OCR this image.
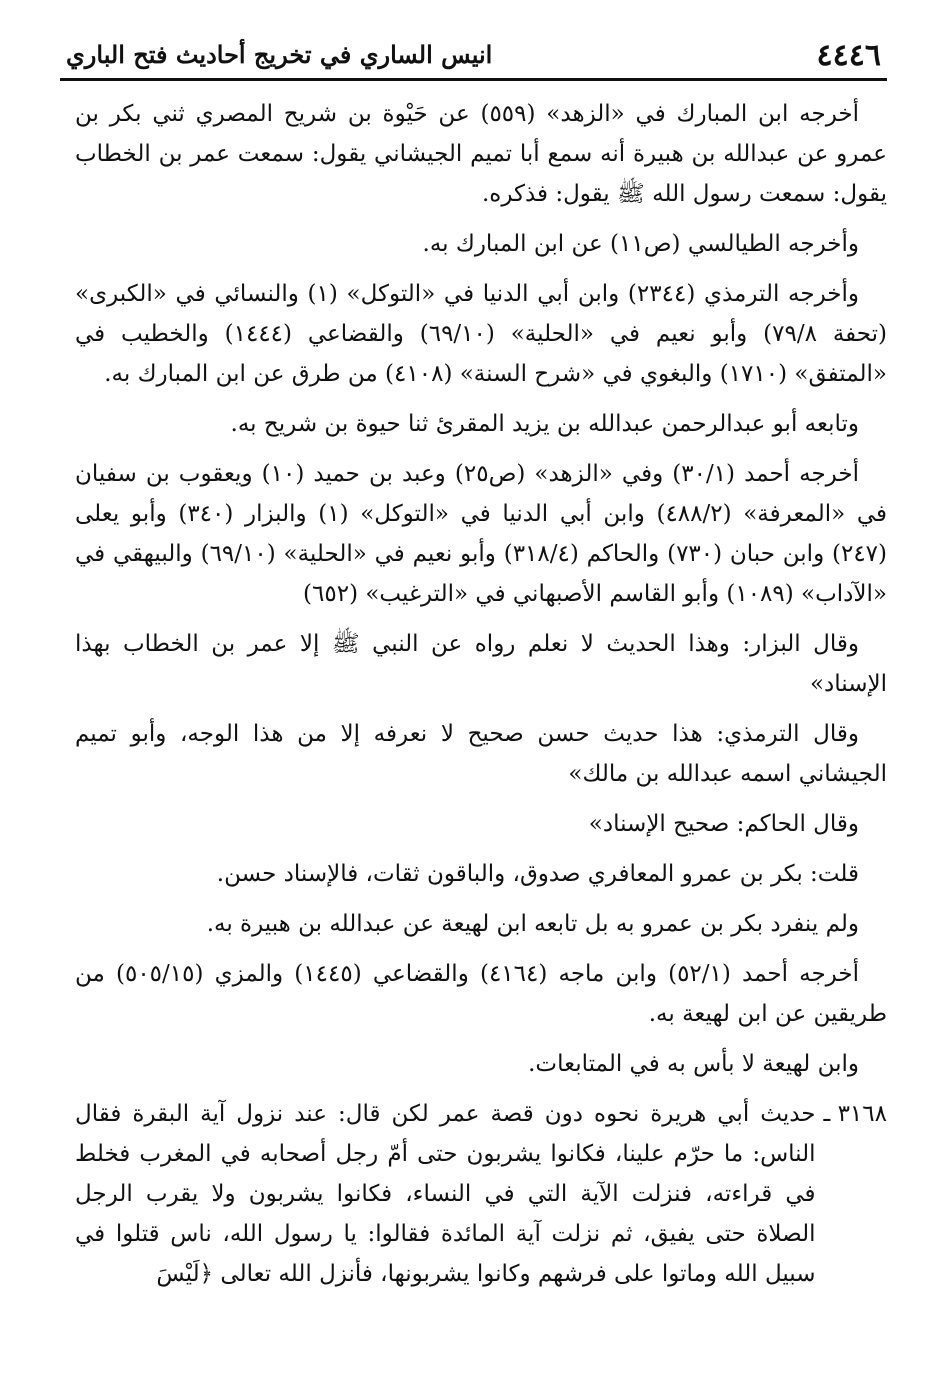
٤٤٤٦
انيس الساري في تخريج أحاديث فتح الباري

أخرجه ابن المبارك في «الزهد» (٥٥٩) عن حَيْوة بن شريح المصري ثني بكر بن عمرو عن عبدالله بن هبيرة أنه سمع أبا تميم الجيشاني يقول: سمعت عمر بن الخطاب يقول: سمعت رسول الله ﷺ يقول: فذكره.

وأخرجه الطيالسي (ص١١) عن ابن المبارك به.

وأخرجه الترمذي (٢٣٤٤) وابن أبي الدنيا في «التوكل» (١) والنسائي في «الكبرى» (تحفة ٧٩/٨) وأبو نعيم في «الحلية» (٦٩/١٠) والقضاعي (١٤٤٤) والخطيب في «المتفق» (١٧١٠) والبغوي في «شرح السنة» (٤١٠٨) من طرق عن ابن المبارك به.

وتابعه أبو عبدالرحمن عبدالله بن يزيد المقرئ ثنا حيوة بن شريح به.

أخرجه أحمد (٣٠/١) وفي «الزهد» (ص٢٥) وعبد بن حميد (١٠) ويعقوب بن سفيان في «المعرفة» (٤٨٨/٢) وابن أبي الدنيا في «التوكل» (١) والبزار (٣٤٠) وأبو يعلى (٢٤٧) وابن حبان (٧٣٠) والحاكم (٣١٨/٤) وأبو نعيم في «الحلية» (٦٩/١٠) والبيهقي في «الآداب» (١٠٨٩) وأبو القاسم الأصبهاني في «الترغيب» (٦٥٢)

وقال البزار: وهذا الحديث لا نعلم رواه عن النبي ﷺ إلا عمر بن الخطاب بهذا الإسناد»

وقال الترمذي: هذا حديث حسن صحيح لا نعرفه إلا من هذا الوجه، وأبو تميم الجيشاني اسمه عبدالله بن مالك»

وقال الحاكم: صحيح الإسناد»

قلت: بكر بن عمرو المعافري صدوق، والباقون ثقات، فالإسناد حسن.

ولم ينفرد بكر بن عمرو به بل تابعه ابن لهيعة عن عبدالله بن هبيرة به.

أخرجه أحمد (٥٢/١) وابن ماجه (٤١٦٤) والقضاعي (١٤٤٥) والمزي (٥٠٥/١٥) من طريقين عن ابن لهيعة به.

وابن لهيعة لا بأس به في المتابعات.

٣١٦٨ ـ
حديث أبي هريرة نحوه دون قصة عمر لكن قال: عند نزول آية البقرة فقال الناس: ما حرّم علينا، فكانوا يشربون حتى أمّ رجل أصحابه في المغرب فخلط في قراءته، فنزلت الآية التي في النساء، فكانوا يشربون ولا يقرب الرجل الصلاة حتى يفيق، ثم نزلت آية المائدة فقالوا: يا رسول الله، ناس قتلوا في سبيل الله وماتوا على فرشهم وكانوا يشربونها، فأنزل الله تعالى ﴿لَيْسَ
